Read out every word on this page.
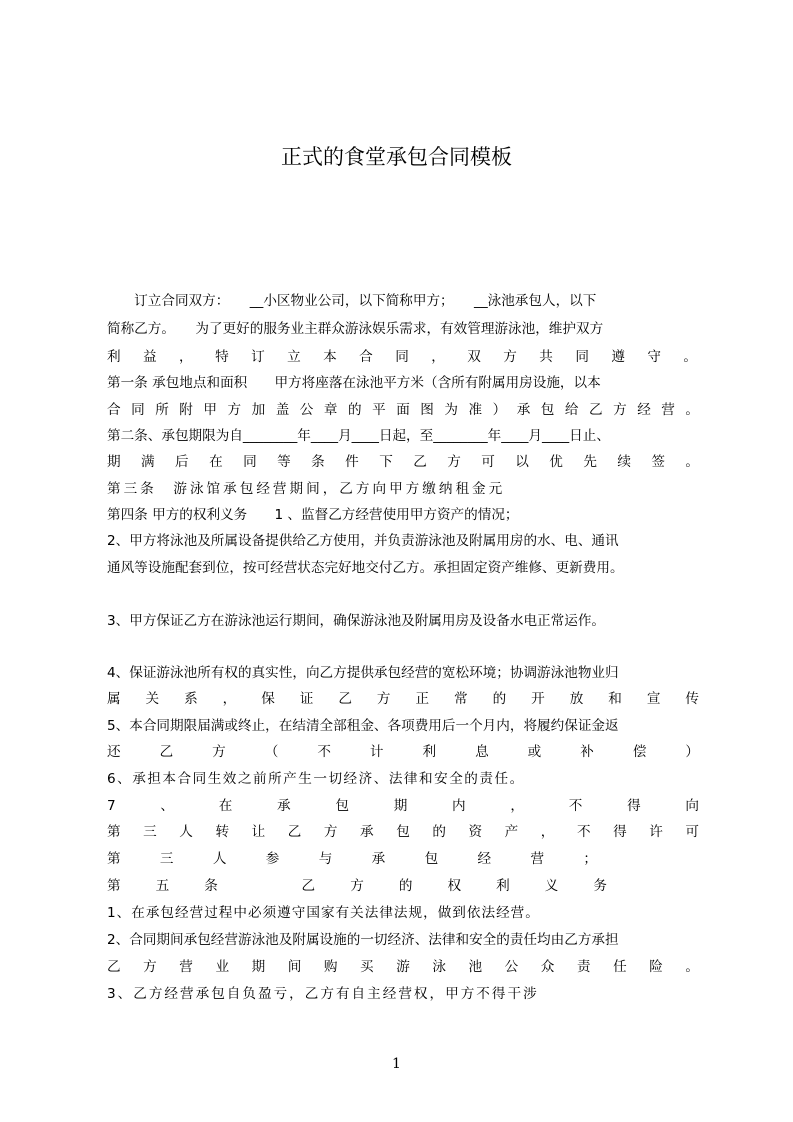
正式的食堂承包合同模板
　　订立合同双方：　　__小区物业公司，以下简称甲方；　　__泳池承包人，以下
简称乙方。　　为了更好的服务业主群众游泳娱乐需求，有效管理游泳池，维护双方
利益，特订立本合同，双方共同遵守。
第一条 承包地点和面积　　甲方将座落在泳池平方米（含所有附属用房设施，以本
合同所附甲方加盖公章的平面图为准）承包给乙方经营。
第二条、承包期限为自________年____月____日起，至________年____月____日止、
期满后在同等条件下乙方可以优先续签。
第三条　游泳馆承包经营期间，乙方向甲方缴纳租金元
第四条 甲方的权利义务　　1 、监督乙方经营使用甲方资产的情况；
2、甲方将泳池及所属设备提供给乙方使用，并负责游泳池及附属用房的水、电、通讯
通风等设施配套到位，按可经营状态完好地交付乙方。承担固定资产维修、更新费用。
3、甲方保证乙方在游泳池运行期间，确保游泳池及附属用房及设备水电正常运作。
4、保证游泳池所有权的真实性，向乙方提供承包经营的宽松环境；协调游泳池物业归
属关系，保证乙方正常的开放和宣传
5、本合同期限届满或终止，在结清全部租金、各项费用后一个月内，将履约保证金返
还乙方（不计利息或补偿）
6、承担本合同生效之前所产生一切经济、法律和安全的责任。
7、在承包期内，不得向
第三人转让乙方承包的资产，不得许可
第三人参与承包经营；
第五条　乙方的权利义务
1、在承包经营过程中必须遵守国家有关法律法规，做到依法经营。
2、合同期间承包经营游泳池及附属设施的一切经济、法律和安全的责任均由乙方承担
乙方营业期间购买游泳池公众责任险。
3、乙方经营承包自负盈亏，乙方有自主经营权，甲方不得干涉
1
